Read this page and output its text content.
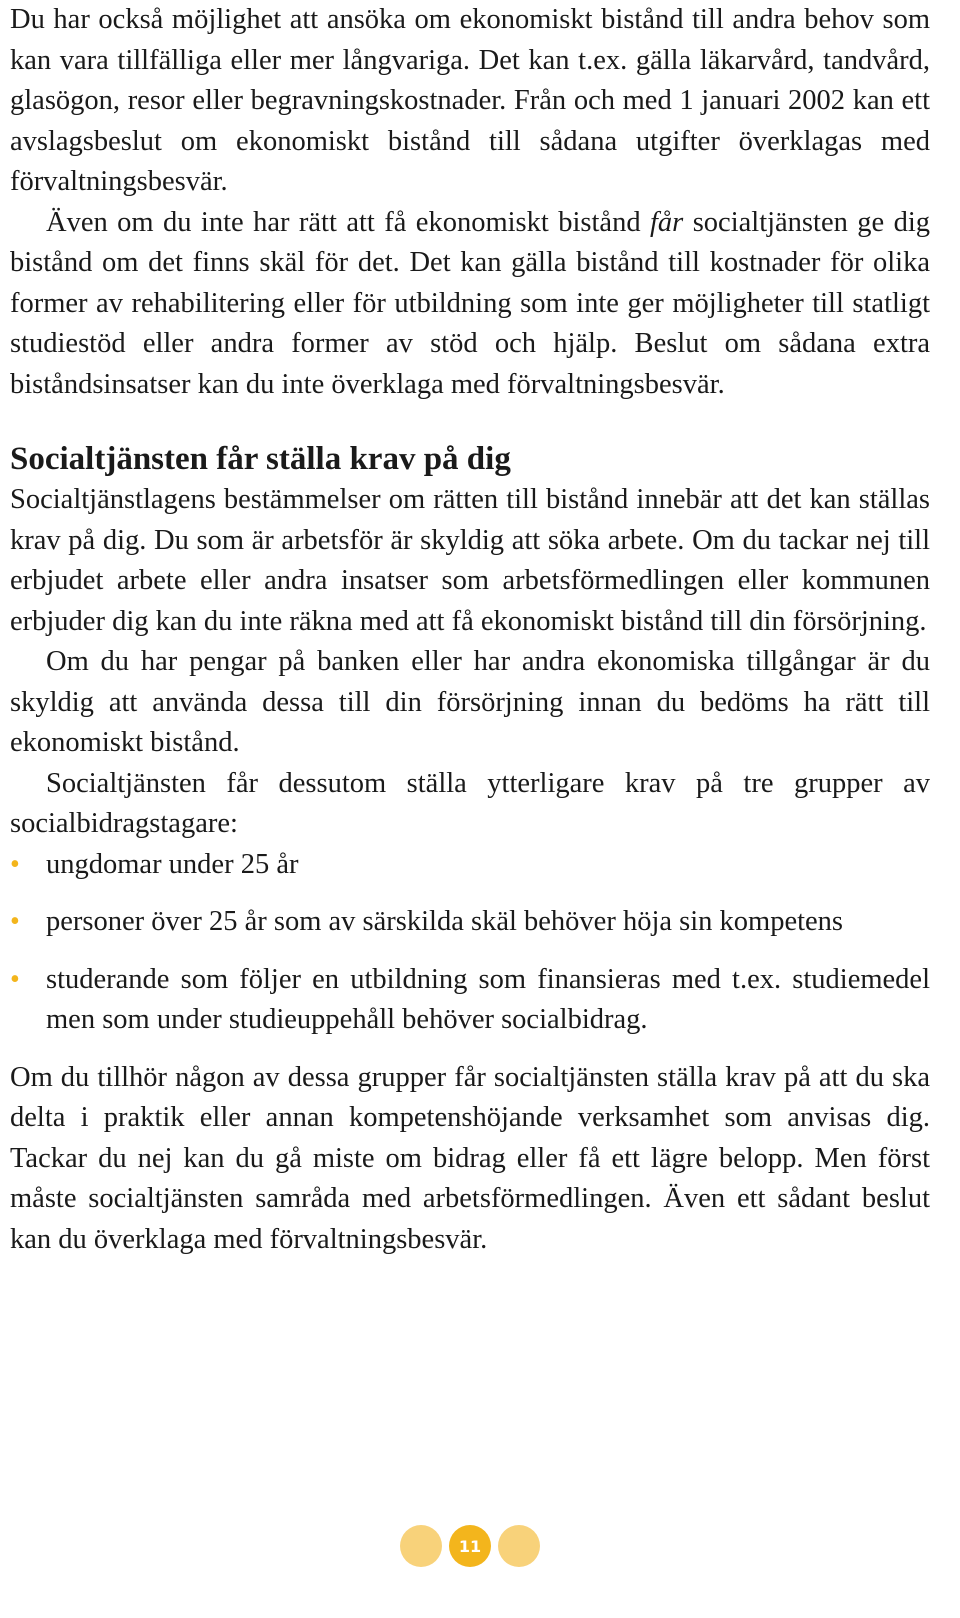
Du har också möjlighet att ansöka om ekonomiskt bistånd till andra behov som kan vara tillfälliga eller mer långvariga. Det kan t.ex. gälla läkarvård, tandvård, glasögon, resor eller begravningskostnader. Från och med 1 januari 2002 kan ett avslagsbeslut om ekonomiskt bistånd till sådana utgifter överklagas med förvaltningsbesvär.

Även om du inte har rätt att få ekonomiskt bistånd får socialtjänsten ge dig bistånd om det finns skäl för det. Det kan gälla bistånd till kostnader för olika former av rehabilitering eller för utbildning som inte ger möjligheter till statligt studiestöd eller andra former av stöd och hjälp. Beslut om sådana extra biståndsinsatser kan du inte överklaga med förvaltningsbesvär.

Socialtjänsten får ställa krav på dig

Socialtjänstlagens bestämmelser om rätten till bistånd innebär att det kan ställas krav på dig. Du som är arbetsför är skyldig att söka arbete. Om du tackar nej till erbjudet arbete eller andra insatser som arbetsförmedlingen eller kommunen erbjuder dig kan du inte räkna med att få ekonomiskt bistånd till din försörjning.

Om du har pengar på banken eller har andra ekonomiska tillgångar är du skyldig att använda dessa till din försörjning innan du bedöms ha rätt till ekonomiskt bistånd.

Socialtjänsten får dessutom ställa ytterligare krav på tre grupper av socialbidragstagare:

• ungdomar under 25 år
• personer över 25 år som av särskilda skäl behöver höja sin kompetens
• studerande som följer en utbildning som finansieras med t.ex. studiemedel men som under studieuppehåll behöver socialbidrag.

Om du tillhör någon av dessa grupper får socialtjänsten ställa krav på att du ska delta i praktik eller annan kompetenshöjande verksamhet som anvisas dig. Tackar du nej kan du gå miste om bidrag eller få ett lägre belopp. Men först måste socialtjänsten samråda med arbetsförmedlingen. Även ett sådant beslut kan du överklaga med förvaltningsbesvär.

11
